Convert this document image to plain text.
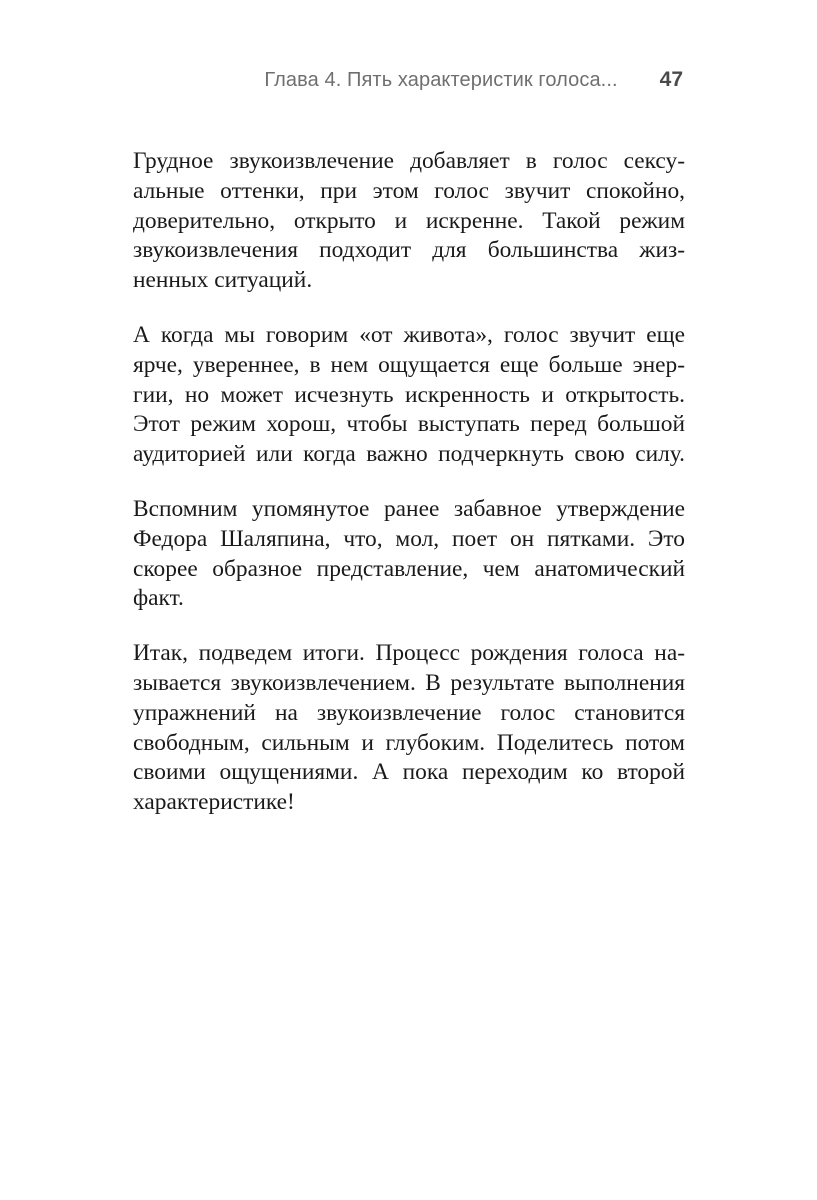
Глава 4. Пять характеристик голоса... 47

Грудное звукоизвлечение добавляет в голос сексу-
альные оттенки, при этом голос звучит спокойно,
доверительно, открыто и искренне. Такой режим
звукоизвлечения подходит для большинства жиз-
ненных ситуаций.

А когда мы говорим «от живота», голос звучит еще
ярче, увереннее, в нем ощущается еще больше энер-
гии, но может исчезнуть искренность и открытость.
Этот режим хорош, чтобы выступать перед большой
аудиторией или когда важно подчеркнуть свою силу.

Вспомним упомянутое ранее забавное утверждение
Федора Шаляпина, что, мол, поет он пятками. Это
скорее образное представление, чем анатомический
факт.

Итак, подведем итоги. Процесс рождения голоса на-
зывается звукоизвлечением. В результате выполнения
упражнений на звукоизвлечение голос становится
свободным, сильным и глубоким. Поделитесь потом
своими ощущениями. А пока переходим ко второй
характеристике!
